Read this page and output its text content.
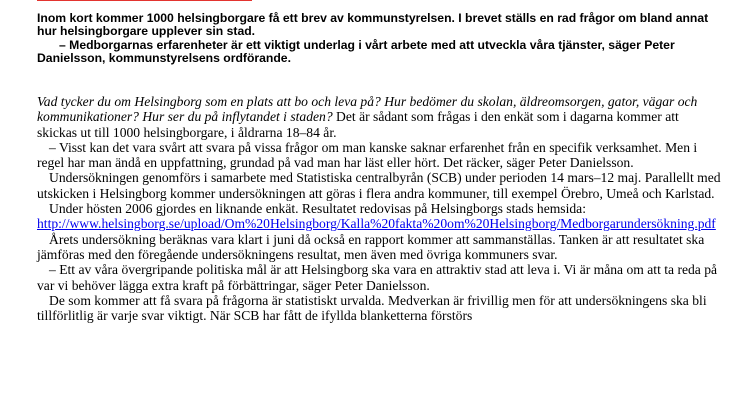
Inom kort kommer 1000 helsingborgare få ett brev av kommunstyrelsen. I brevet ställs en rad frågor om bland annat hur helsingborgare upplever sin stad.

– Medborgarnas erfarenheter är ett viktigt underlag i vårt arbete med att utveckla våra tjänster, säger Peter Danielsson, kommunstyrelsens ordförande.

Vad tycker du om Helsingborg som en plats att bo och leva på? Hur bedömer du skolan, äldreomsorgen, gator, vägar och kommunikationer? Hur ser du på inflytandet i staden? Det är sådant som frågas i den enkät som i dagarna kommer att skickas ut till 1000 helsingborgare, i åldrarna 18–84 år.

– Visst kan det vara svårt att svara på vissa frågor om man kanske saknar erfarenhet från en specifik verksamhet. Men i regel har man ändå en uppfattning, grundad på vad man har läst eller hört. Det räcker, säger Peter Danielsson.

Undersökningen genomförs i samarbete med Statistiska centralbyrån (SCB) under perioden 14 mars–12 maj. Parallellt med utskicken i Helsingborg kommer undersökningen att göras i flera andra kommuner, till exempel Örebro, Umeå och Karlstad.

Under hösten 2006 gjordes en liknande enkät. Resultatet redovisas på Helsingborgs stads hemsida:
http://www.helsingborg.se/upload/Om%20Helsingborg/Kalla%20fakta%20om%20Helsingborg/Medborgarundersökning.pdf

Årets undersökning beräknas vara klart i juni då också en rapport kommer att sammanställas. Tanken är att resultatet ska jämföras med den föregående undersökningens resultat, men även med övriga kommuners svar.

– Ett av våra övergripande politiska mål är att Helsingborg ska vara en attraktiv stad att leva i. Vi är måna om att ta reda på var vi behöver lägga extra kraft på förbättringar, säger Peter Danielsson.

De som kommer att få svara på frågorna är statistiskt urvalda. Medverkan är frivillig men för att undersökningens ska bli tillförlitlig är varje svar viktigt. När SCB har fått de ifyllda blanketterna förstörs
